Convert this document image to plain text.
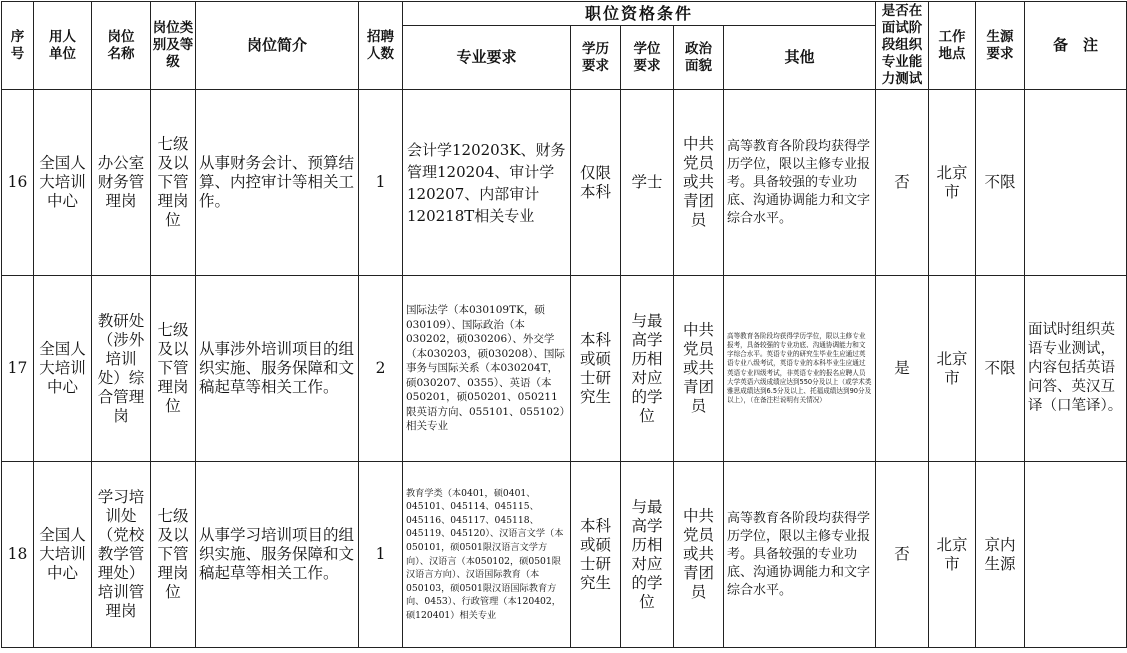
序号	用人单位	岗位名称	岗位类别及等级	岗位简介	招聘人数	职位资格条件					是否在面试阶段组织专业能力测试	工作地点	生源要求	备　注
						专业要求	学历要求	学位要求	政治面貌	其他				
16	全国人大培训中心	办公室财务管理岗	七级及以下管理岗位	从事财务会计、预算结算、内控审计等相关工作。	1	会计学120203K、财务管理120204、审计学120207、内部审计120218T相关专业	仅限本科	学士	中共党员或共青团员	高等教育各阶段均获得学历学位，限以主修专业报考。具备较强的专业功底、沟通协调能力和文字综合水平。	否	北京市	不限	
17	全国人大培训中心	教研处（涉外培训处）综合管理岗	七级及以下管理岗位	从事涉外培训项目的组织实施、服务保障和文稿起草等相关工作。	2	国际法学（本030109TK，硕030109）、国际政治（本030202，硕030206）、外交学（本030203，硕030208）、国际事务与国际关系（本030204T，硕030207、0355）、英语（本050201，硕050201、050211限英语方向、055101、055102）相关专业	本科或硕士研究生	与最高学历相对应的学位	中共党员或共青团员	高等教育各阶段均获得学历学位，限以主修专业报考，具备较强的专业功底、沟通协调能力和文字综合水平。英语专业的研究生毕业生应通过英语专业八级考试，英语专业的本科毕业生应通过英语专业四级考试，非英语专业的报名应聘人员大学英语六级成绩应达到550分及以上（或学术类雅思成绩达到6.5分及以上、托福成绩达到90分及以上），（在备注栏说明有关情况）	是	北京市	不限	面试时组织英语专业测试，内容包括英语问答、英汉互译（口笔译）。
18	全国人大培训中心	学习培训处（党校教学管理处）培训管理岗	七级及以下管理岗位	从事学习培训项目的组织实施、服务保障和文稿起草等相关工作。	1	教育学类（本0401，硕0401、045101、045114、045115、045116、045117、045118、045119、045120）、汉语言文学（本050101，硕0501限汉语言文学方向）、汉语言（本050102，硕0501限汉语言方向）、汉语国际教育（本050103，硕0501限汉语国际教育方向、0453）、行政管理（本120402，硕120401）相关专业	本科或硕士研究生	与最高学历相对应的学位	中共党员或共青团员	高等教育各阶段均获得学历学位，限以主修专业报考。具备较强的专业功底、沟通协调能力和文字综合水平。	否	北京市	京内生源	
